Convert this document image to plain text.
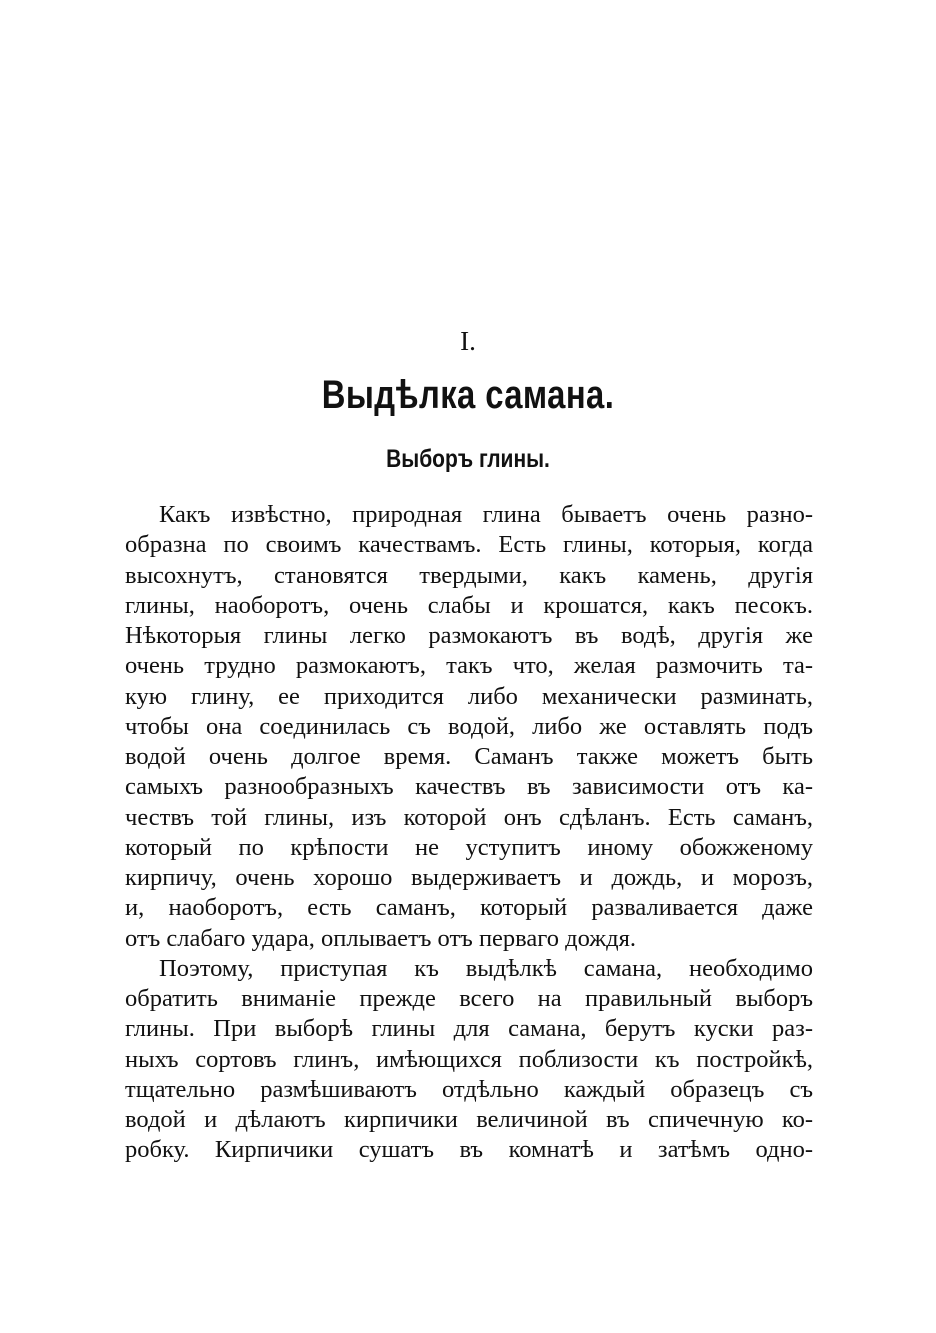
I.
Выдѣлка самана.
Выборъ глины.
Какъ извѣстно, природная глина бываетъ очень разно-
образна по своимъ качествамъ. Есть глины, которыя, когда
высохнутъ, становятся твердыми, какъ камень, другія
глины, наоборотъ, очень слабы и крошатся, какъ песокъ.
Нѣкоторыя глины легко размокаютъ въ водѣ, другія же
очень трудно размокаютъ, такъ что, желая размочить та-
кую глину, ее приходится либо механически разминать,
чтобы она соединилась съ водой, либо же оставлять подъ
водой очень долгое время. Саманъ также можетъ быть
самыхъ разнообразныхъ качествъ въ зависимости отъ ка-
чествъ той глины, изъ которой онъ сдѣланъ. Есть саманъ,
который по крѣпости не уступитъ иному обожженому
кирпичу, очень хорошо выдерживаетъ и дождь, и морозъ,
и, наоборотъ, есть саманъ, который разваливается даже
отъ слабаго удара, оплываетъ отъ перваго дождя.
Поэтому, приступая къ выдѣлкѣ самана, необходимо
обратить вниманіе прежде всего на правильный выборъ
глины. При выборѣ глины для самана, берутъ куски раз-
ныхъ сортовъ глинъ, имѣющихся поблизости къ постройкѣ,
тщательно размѣшиваютъ отдѣльно каждый образецъ съ
водой и дѣлаютъ кирпичики величиной въ спичечную ко-
робку. Кирпичики сушатъ въ комнатѣ и затѣмъ одно-
